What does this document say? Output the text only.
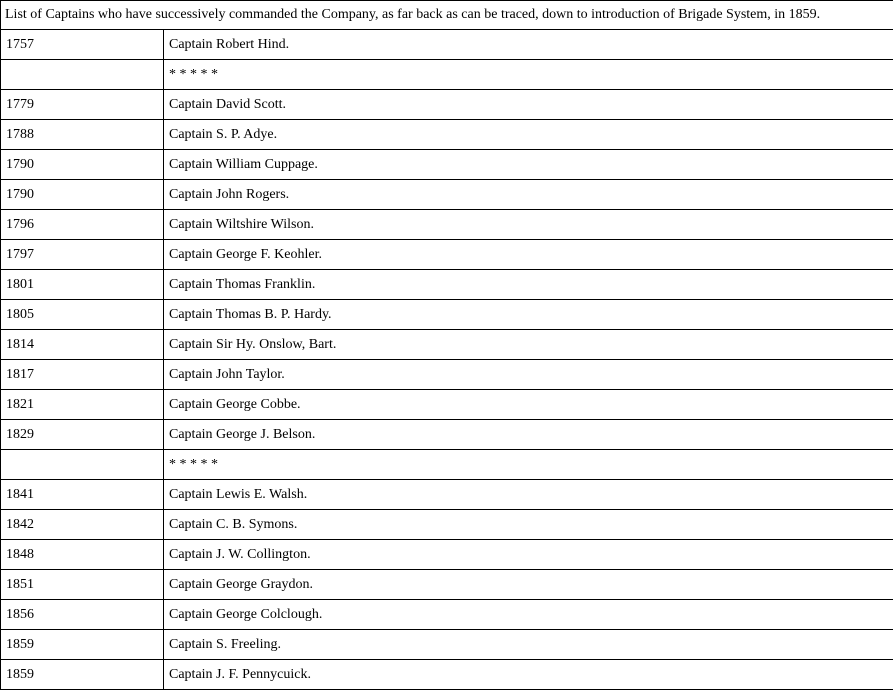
List of Captains who have successively commanded the Company, as far back as can be traced, down to introduction of Brigade System, in 1859.	
1757	Captain Robert Hind.
	* * * * *
1779	Captain David Scott.
1788	Captain S. P. Adye.
1790	Captain William Cuppage.
1790	Captain John Rogers.
1796	Captain Wiltshire Wilson.
1797	Captain George F. Keohler.
1801	Captain Thomas Franklin.
1805	Captain Thomas B. P. Hardy.
1814	Captain Sir Hy. Onslow, Bart.
1817	Captain John Taylor.
1821	Captain George Cobbe.
1829	Captain George J. Belson.
	* * * * *
1841	Captain Lewis E. Walsh.
1842	Captain C. B. Symons.
1848	Captain J. W. Collington.
1851	Captain George Graydon.
1856	Captain George Colclough.
1859	Captain S. Freeling.
1859	Captain J. F. Pennycuick.
